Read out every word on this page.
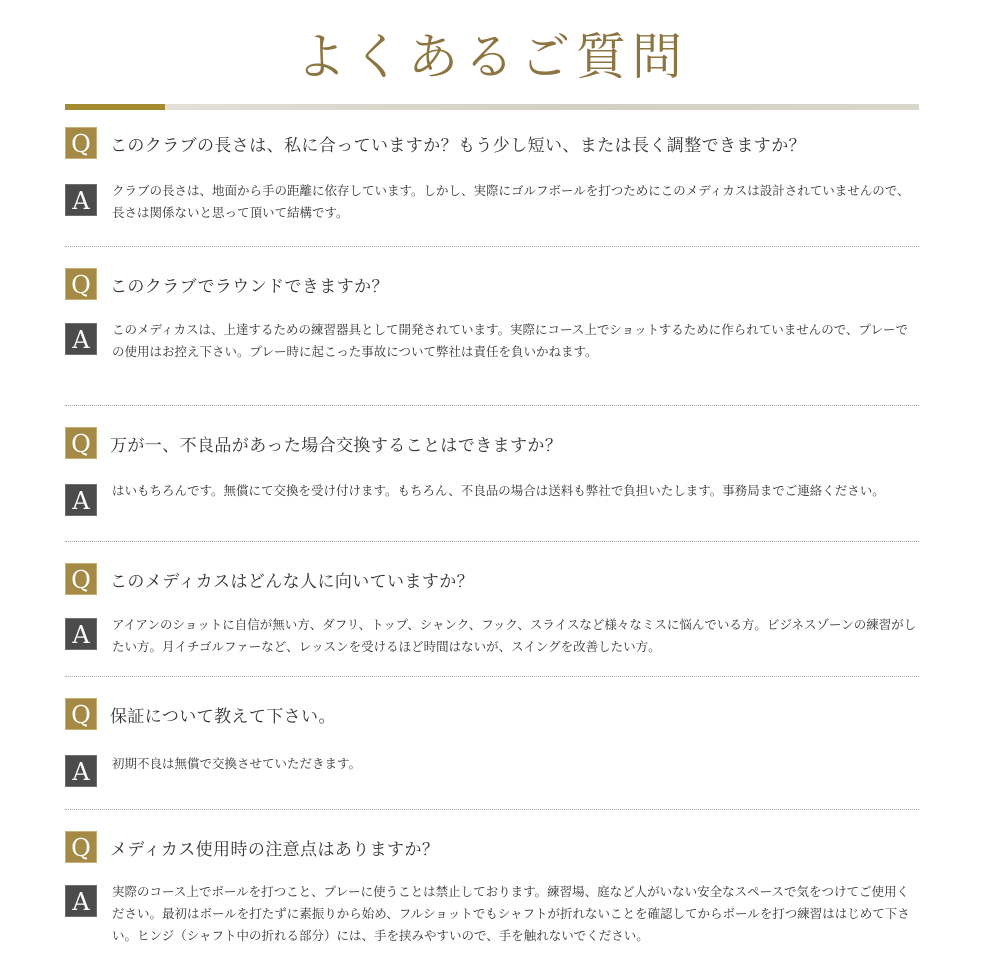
よくあるご質問
Q	このクラブの長さは、私に合っていますか？もう少し短い、または長く調整できますか？
A	クラブの長さは、地面から手の距離に依存しています。しかし、実際にゴルフボールを打つためにこのメディカスは設計されていませんので、長さは関係ないと思って頂いて結構です。
Q	このクラブでラウンドできますか？
A	このメディカスは、上達するための練習器具として開発されています。実際にコース上でショットするために作られていませんので、プレーでの使用はお控え下さい。プレー時に起こった事故について弊社は責任を負いかねます。
Q	万が一、不良品があった場合交換することはできますか？
A	はいもちろんです。無償にて交換を受け付けます。もちろん、不良品の場合は送料も弊社で負担いたします。事務局までご連絡ください。
Q	このメディカスはどんな人に向いていますか？
A	アイアンのショットに自信が無い方、ダフリ、トップ、シャンク、フック、スライスなど様々なミスに悩んでいる方。ビジネスゾーンの練習がしたい方。月イチゴルファーなど、レッスンを受けるほど時間はないが、スイングを改善したい方。
Q	保証について教えて下さい。
A	初期不良は無償で交換させていただきます。
Q	メディカス使用時の注意点はありますか？
A	実際のコース上でボールを打つこと、プレーに使うことは禁止しております。練習場、庭など人がいない安全なスペースで気をつけてご使用ください。最初はボールを打たずに素振りから始め、フルショットでもシャフトが折れないことを確認してからボールを打つ練習ははじめて下さい。ヒンジ（シャフト中の折れる部分）には、手を挟みやすいので、手を触れないでください。
